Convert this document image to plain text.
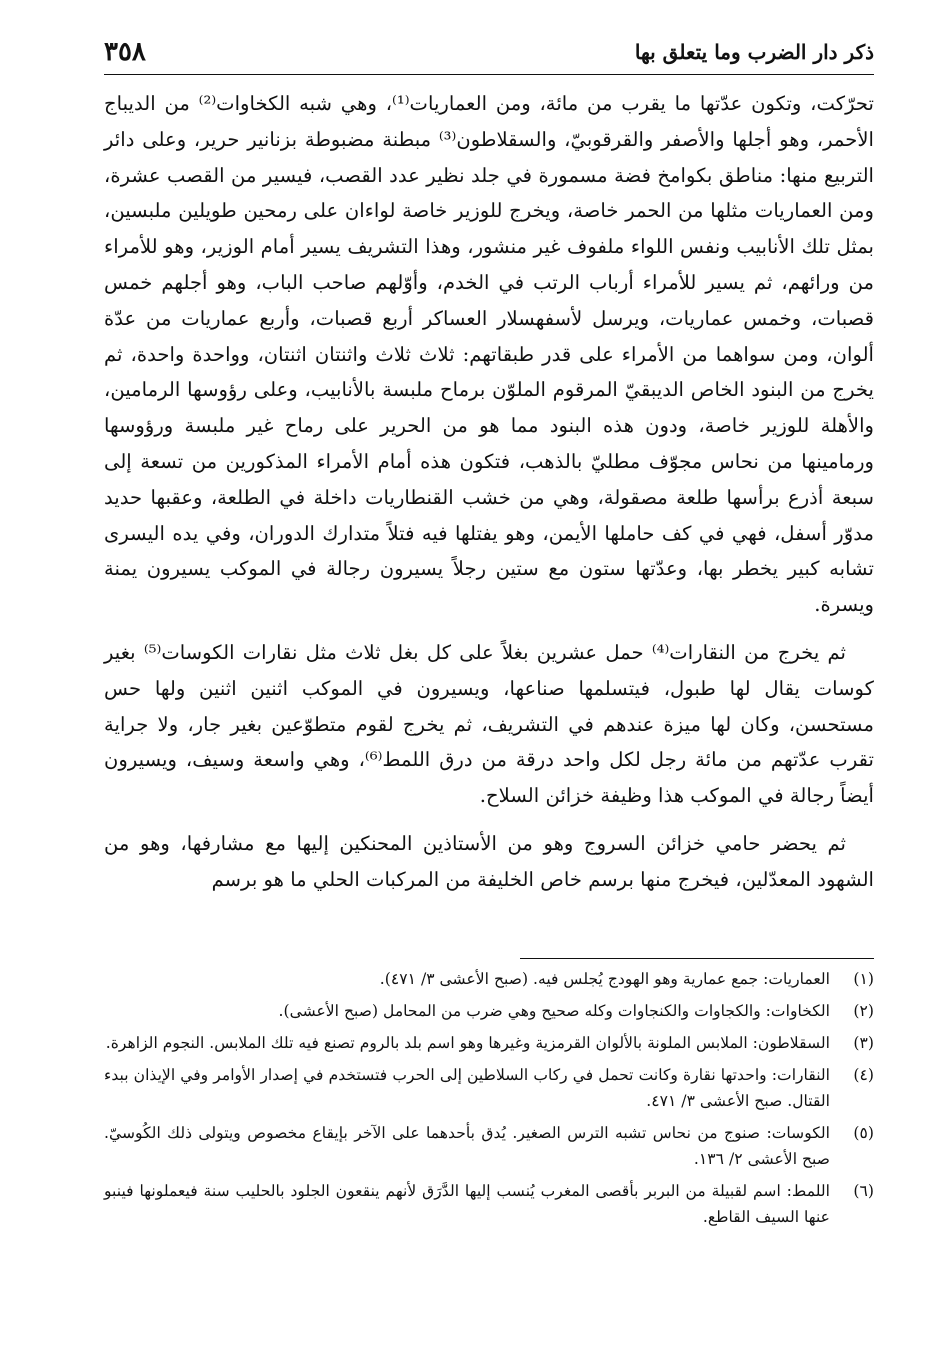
ذكر دار الضرب وما يتعلق بها
٣٥٨

تحرّكت، وتكون عدّتها ما يقرب من مائة، ومن العماريات⁽¹⁾، وهي شبه الكخاوات⁽²⁾ من الديباج الأحمر، وهو أجلها والأصفر والقرقوبيّ، والسقلاطون⁽³⁾ مبطنة مضبوطة بزنانير حرير، وعلى دائر التربيع منها: مناطق بكوامخ فضة مسمورة في جلد نظير عدد القصب، فيسير من القصب عشرة، ومن العماريات مثلها من الحمر خاصة، ويخرج للوزير خاصة لواءان على رمحين طويلين ملبسين، بمثل تلك الأنابيب ونفس اللواء ملفوف غير منشور، وهذا التشريف يسير أمام الوزير، وهو للأمراء من ورائهم، ثم يسير للأمراء أرباب الرتب في الخدم، وأوّلهم صاحب الباب، وهو أجلهم خمس قصبات، وخمس عماريات، ويرسل لأسفهسلار العساكر أربع قصبات، وأربع عماريات من عدّة ألوان، ومن سواهما من الأمراء على قدر طبقاتهم: ثلاث ثلاث واثنتان اثنتان، وواحدة واحدة، ثم يخرج من البنود الخاص الديبقيّ المرقوم الملوّن برماح ملبسة بالأنابيب، وعلى رؤوسها الرمامين، والأهلة للوزير خاصة، ودون هذه البنود مما هو من الحرير على رماح غير ملبسة ورؤوسها ورمامينها من نحاس مجوّف مطليّ بالذهب، فتكون هذه أمام الأمراء المذكورين من تسعة إلى سبعة أذرع برأسها طلعة مصقولة، وهي من خشب القنطاريات داخلة في الطلعة، وعقبها حديد مدوّر أسفل، فهي في كف حاملها الأيمن، وهو يفتلها فيه فتلاً متدارك الدوران، وفي يده اليسرى تشابه كبير يخطر بها، وعدّتها ستون مع ستين رجلاً يسيرون رجالة في الموكب يسيرون يمنة ويسرة.

ثم يخرج من النقارات⁽⁴⁾ حمل عشرين بغلاً على كل بغل ثلاث مثل نقارات الكوسات⁽⁵⁾ بغير كوسات يقال لها طبول، فيتسلمها صناعها، ويسيرون في الموكب اثنين اثنين ولها حس مستحسن، وكان لها ميزة عندهم في التشريف، ثم يخرج لقوم متطوّعين بغير جار، ولا جراية تقرب عدّتهم من مائة رجل لكل واحد درقة من درق اللمط⁽⁶⁾، وهي واسعة وسيف، ويسيرون أيضاً رجالة في الموكب هذا وظيفة خزائن السلاح.

ثم يحضر حامي خزائن السروج وهو من الأستاذين المحنكين إليها مع مشارفها، وهو من الشهود المعدّلين، فيخرج منها برسم خاص الخليفة من المركبات الحلي ما هو برسم

(١)
العماريات: جمع عمارية وهو الهودج يُجلس فيه. (صبح الأعشى ٣/ ٤٧١).
(٢)
الكخاوات: والكجاوات والكنجاوات وكله صحيح وهي ضرب من المحامل (صبح الأعشى).
(٣)
السقلاطون: الملابس الملونة بالألوان القرمزية وغيرها وهو اسم بلد بالروم تصنع فيه تلك الملابس. النجوم الزاهرة.
(٤)
النقارات: واحدتها نقارة وكانت تحمل في ركاب السلاطين إلى الحرب فتستخدم في إصدار الأوامر وفي الإيذان ببدء القتال. صبح الأعشى ٣/ ٤٧١.
(٥)
الكوسات: صنوج من نحاس تشبه الترس الصغير. يُدق بأحدهما على الآخر بإيقاع مخصوص ويتولى ذلك الكُوسيّ. صبح الأعشى ٢/ ١٣٦.
(٦)
اللمط: اسم لقبيلة من البربر بأقصى المغرب يُنسب إليها الدَّرَق لأنهم ينقعون الجلود بالحليب سنة فيعملونها فينبو عنها السيف القاطع.
